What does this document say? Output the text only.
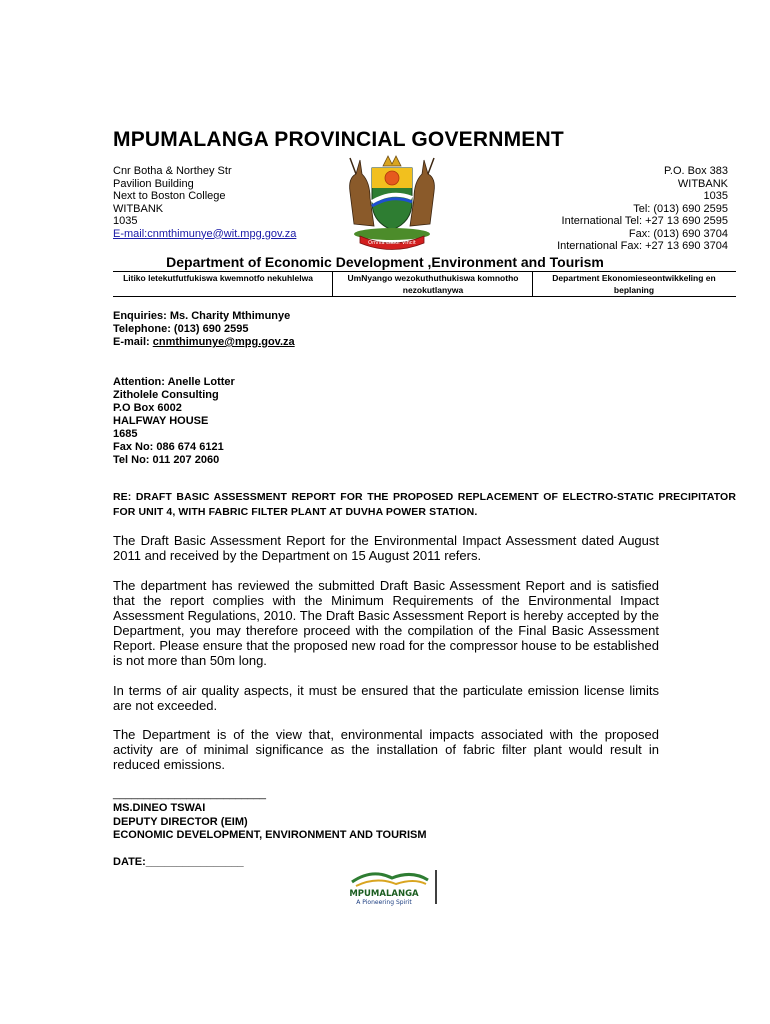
MPUMALANGA PROVINCIAL GOVERNMENT
Cnr Botha & Northey Str
Pavilion Building
Next to Boston College
WITBANK
1035
E-mail:cnmthimunye@wit.mpg.gov.za
Omnia Labor Vincit
P.O. Box 383
WITBANK
1035
Tel: (013) 690 2595
International Tel: +27 13 690 2595
Fax: (013) 690 3704
International Fax: +27 13 690 3704
Department of Economic Development ,Environment and Tourism
Litiko letekutfutfukiswa kwemnotfo nekuhlelwa	UmNyango wezokuthuthukiswa komnotho nezokutlanywa
Department Ekonomieseontwikkeling en beplaning
Enquiries: Ms. Charity Mthimunye
Telephone: (013) 690 2595
E-mail: cnmthimunye@mpg.gov.za
Attention: Anelle Lotter
Zitholele Consulting
P.O Box 6002
HALFWAY HOUSE
1685
Fax No: 086 674 6121
Tel No: 011 207 2060
RE: DRAFT BASIC ASSESSMENT REPORT FOR THE PROPOSED REPLACEMENT OF ELECTRO-STATIC PRECIPITATOR FOR UNIT 4, WITH FABRIC FILTER PLANT AT DUVHA POWER STATION.
The Draft Basic Assessment Report for the Environmental Impact Assessment dated August 2011 and received by the Department on 15 August 2011 refers.
The department has reviewed the submitted Draft Basic Assessment Report and is satisfied that the report complies with the Minimum Requirements of the Environmental Impact Assessment Regulations, 2010. The Draft Basic Assessment Report is hereby accepted by the Department, you may therefore proceed with the compilation of the Final Basic Assessment Report. Please ensure that the proposed new road for the compressor house to be established is not more than 50m long.
In terms of air quality aspects, it must be ensured that the particulate emission license limits are not exceeded.
The Department is of the view that, environmental impacts associated with the proposed activity are of minimal significance as the installation of fabric filter plant would result in reduced emissions.
_________________________
MS.DINEO TSWAI
DEPUTY DIRECTOR (EIM)
ECONOMIC DEVELOPMENT, ENVIRONMENT AND TOURISM
DATE:________________
MPUMALANGA
A Pioneering Spirit
